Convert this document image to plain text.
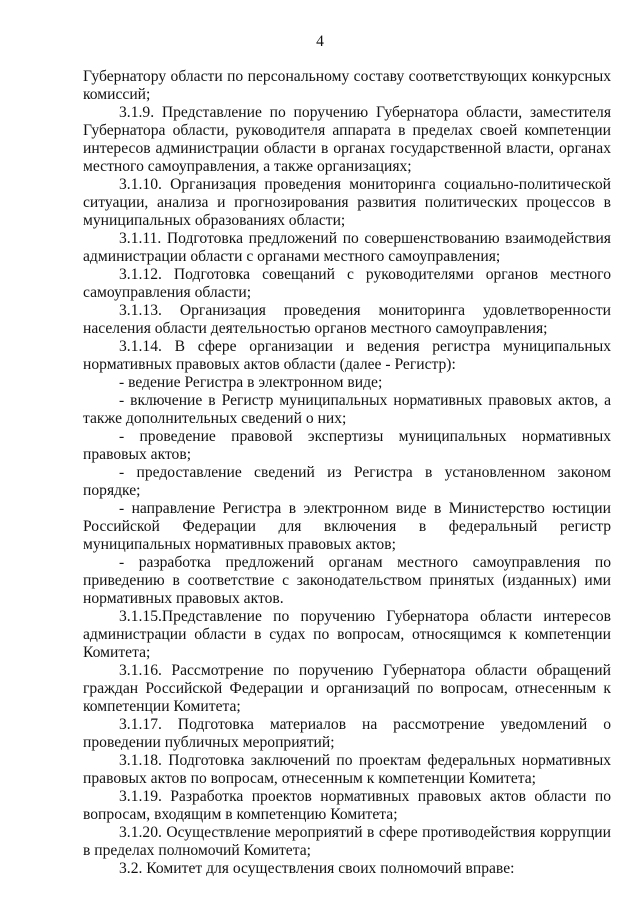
4

Губернатору области по персональному составу соответствующих конкурсных комиссий;

3.1.9. Представление по поручению Губернатора области, заместителя Губернатора области, руководителя аппарата в пределах своей компетенции интересов администрации области в органах государственной власти, органах местного самоуправления, а также организациях;

3.1.10. Организация проведения мониторинга социально-политической ситуации, анализа и прогнозирования развития политических процессов в муниципальных образованиях области;

3.1.11. Подготовка предложений по совершенствованию взаимодействия администрации области с органами местного самоуправления;

3.1.12. Подготовка совещаний с руководителями органов местного самоуправления области;

3.1.13. Организация проведения мониторинга удовлетворенности населения области деятельностью органов местного самоуправления;

3.1.14. В сфере организации и ведения регистра муниципальных нормативных правовых актов области (далее - Регистр):

- ведение Регистра в электронном виде;

- включение в Регистр муниципальных нормативных правовых актов, а также дополнительных сведений о них;

- проведение правовой экспертизы муниципальных нормативных правовых актов;

- предоставление сведений из Регистра в установленном законом порядке;

- направление Регистра в электронном виде в Министерство юстиции Российской Федерации для включения в федеральный регистр муниципальных нормативных правовых актов;

- разработка предложений органам местного самоуправления по приведению в соответствие с законодательством принятых (изданных) ими нормативных правовых актов.

3.1.15.Представление по поручению Губернатора области интересов администрации области в судах по вопросам, относящимся к компетенции Комитета;

3.1.16. Рассмотрение по поручению Губернатора области обращений граждан Российской Федерации и организаций по вопросам, отнесенным к компетенции Комитета;

3.1.17. Подготовка материалов на рассмотрение уведомлений о проведении публичных мероприятий;

3.1.18. Подготовка заключений по проектам федеральных нормативных правовых актов по вопросам, отнесенным к компетенции Комитета;

3.1.19. Разработка проектов нормативных правовых актов области по вопросам, входящим в компетенцию Комитета;

3.1.20. Осуществление мероприятий в сфере противодействия коррупции в пределах полномочий Комитета;

3.2. Комитет для осуществления своих полномочий вправе:
